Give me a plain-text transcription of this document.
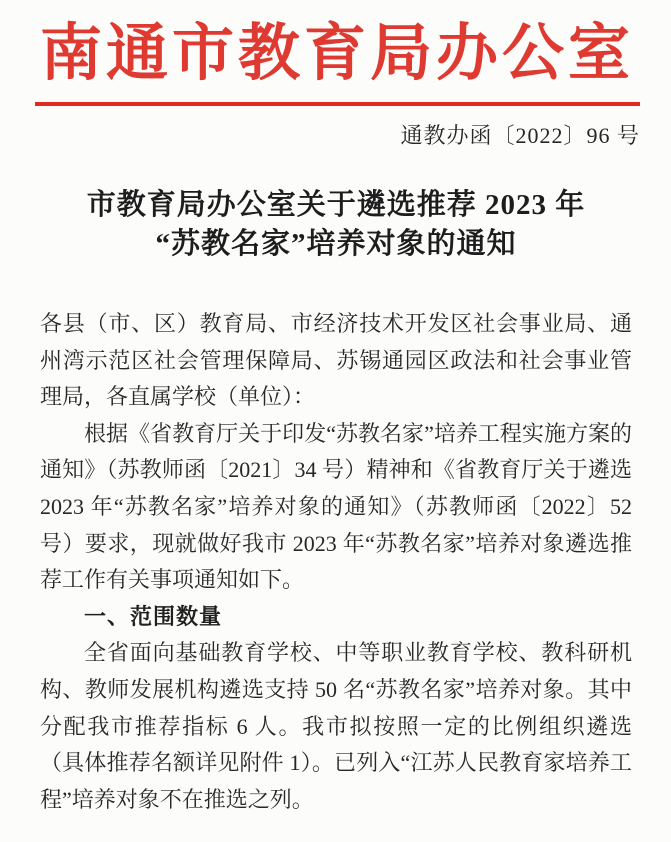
南通市教育局办公室
通教办函〔2022〕96 号
市教育局办公室关于遴选推荐 2023 年
“苏教名家”培养对象的通知

各县（市、区）教育局、市经济技术开发区社会事业局、通州湾示范区社会管理保障局、苏锡通园区政法和社会事业管理局，各直属学校（单位）：

根据《省教育厅关于印发“苏教名家”培养工程实施方案的通知》（苏教师函〔2021〕34 号）精神和《省教育厅关于遴选 2023 年“苏教名家”培养对象的通知》（苏教师函〔2022〕52 号）要求，现就做好我市 2023 年“苏教名家”培养对象遴选推荐工作有关事项通知如下。

一、范围数量

全省面向基础教育学校、中等职业教育学校、教科研机构、教师发展机构遴选支持 50 名“苏教名家”培养对象。其中分配我市推荐指标 6 人。我市拟按照一定的比例组织遴选（具体推荐名额详见附件 1）。已列入“江苏人民教育家培养工程”培养对象不在推选之列。
